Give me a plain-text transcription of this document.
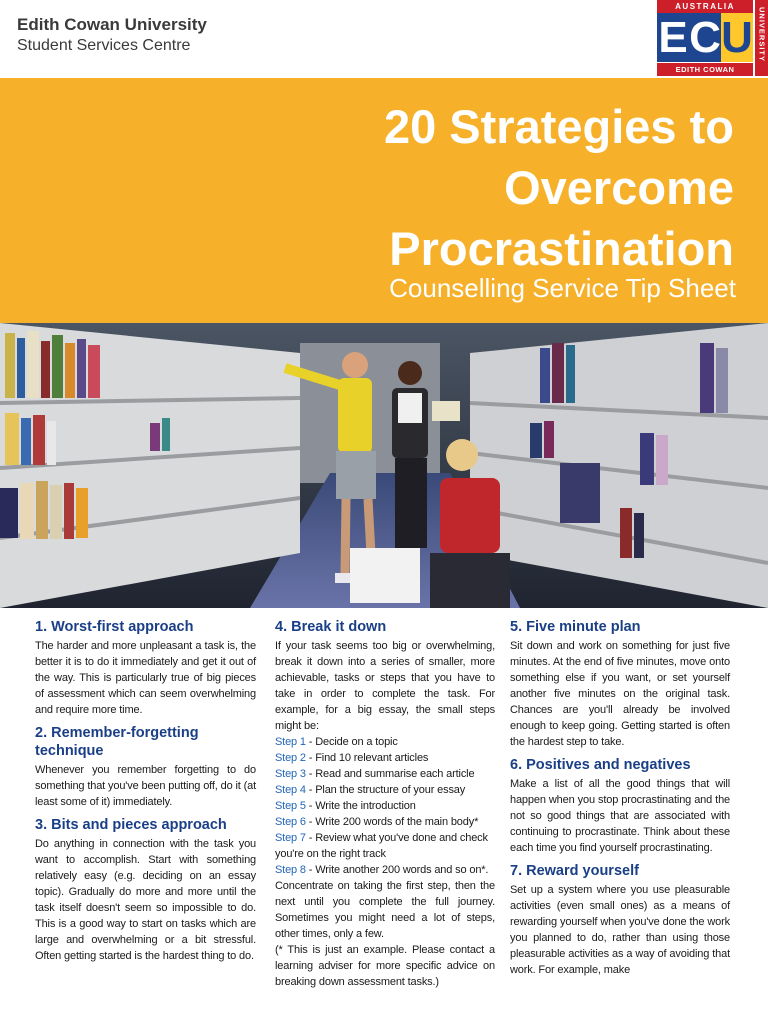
Edith Cowan University
Student Services Centre
AUSTRALIA
E C U
EDITH COWAN
UNIVERSITY
20 Strategies to
Overcome
Procrastination
Counselling Service Tip Sheet
1. Worst-first approach
The harder and more unpleasant a task is, the better it is to do it immediately and get it out of the way. This is particularly true of big pieces of assessment which can seem overwhelming and require more time.
2. Remember-forgetting technique
Whenever you remember forgetting to do something that you've been putting off, do it (at least some of it) immediately.
3. Bits and pieces approach
Do anything in connection with the task you want to accomplish. Start with something relatively easy (e.g. deciding on an essay topic). Gradually do more and more until the task itself doesn't seem so impossible to do. This is a good way to start on tasks which are large and overwhelming or a bit stressful. Often getting started is the hardest thing to do.
4. Break it down
If your task seems too big or overwhelming, break it down into a series of smaller, more achievable, tasks or steps that you have to take in order to complete the task. For example, for a big essay, the small steps might be:
Step 1 - Decide on a topic
Step 2 - Find 10 relevant articles
Step 3 - Read and summarise each article
Step 4 - Plan the structure of your essay
Step 5 - Write the introduction
Step 6 - Write 200 words of the main body*
Step 7 - Review what you've done and check you're on the right track
Step 8 - Write another 200 words and so on*.
Concentrate on taking the first step, then the next until you complete the full journey. Sometimes you might need a lot of steps, other times, only a few.
(* This is just an example. Please contact a learning adviser for more specific advice on breaking down assessment tasks.)
5. Five minute plan
Sit down and work on something for just five minutes. At the end of five minutes, move onto something else if you want, or set yourself another five minutes on the original task. Chances are you'll already be involved enough to keep going. Getting started is often the hardest step to take.
6. Positives and negatives
Make a list of all the good things that will happen when you stop procrastinating and the not so good things that are associated with continuing to procrastinate. Think about these each time you find yourself procrastinating.
7. Reward yourself
Set up a system where you use pleasurable activities (even small ones) as a means of rewarding yourself when you've done the work you planned to do, rather than using those pleasurable activities as a way of avoiding that work. For example, make
